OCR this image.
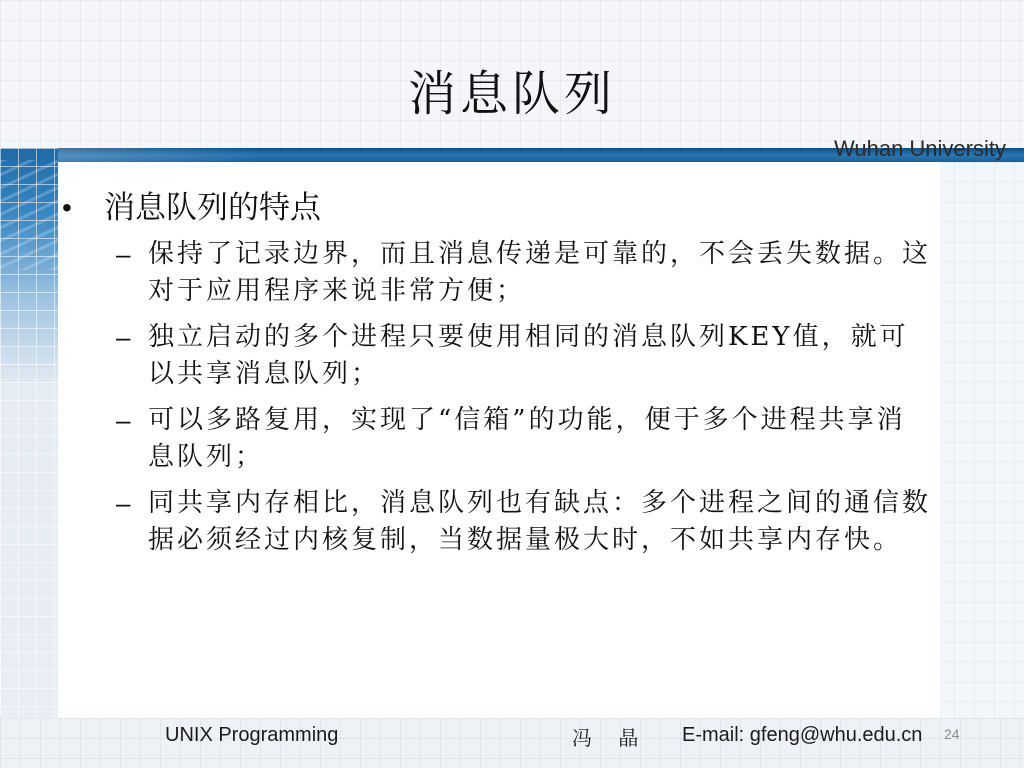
消息队列
Wuhan University
• 消息队列的特点
– 保持了记录边界，而且消息传递是可靠的，不会丢失数据。这对于应用程序来说非常方便；
– 独立启动的多个进程只要使用相同的消息队列KEY值，就可以共享消息队列；
– 可以多路复用，实现了“信箱”的功能，便于多个进程共享消息队列；
– 同共享内存相比，消息队列也有缺点：多个进程之间的通信数据必须经过内核复制，当数据量极大时，不如共享内存快。
UNIX Programming	冯 晶 E-mail: gfeng@whu.edu.cn 24
